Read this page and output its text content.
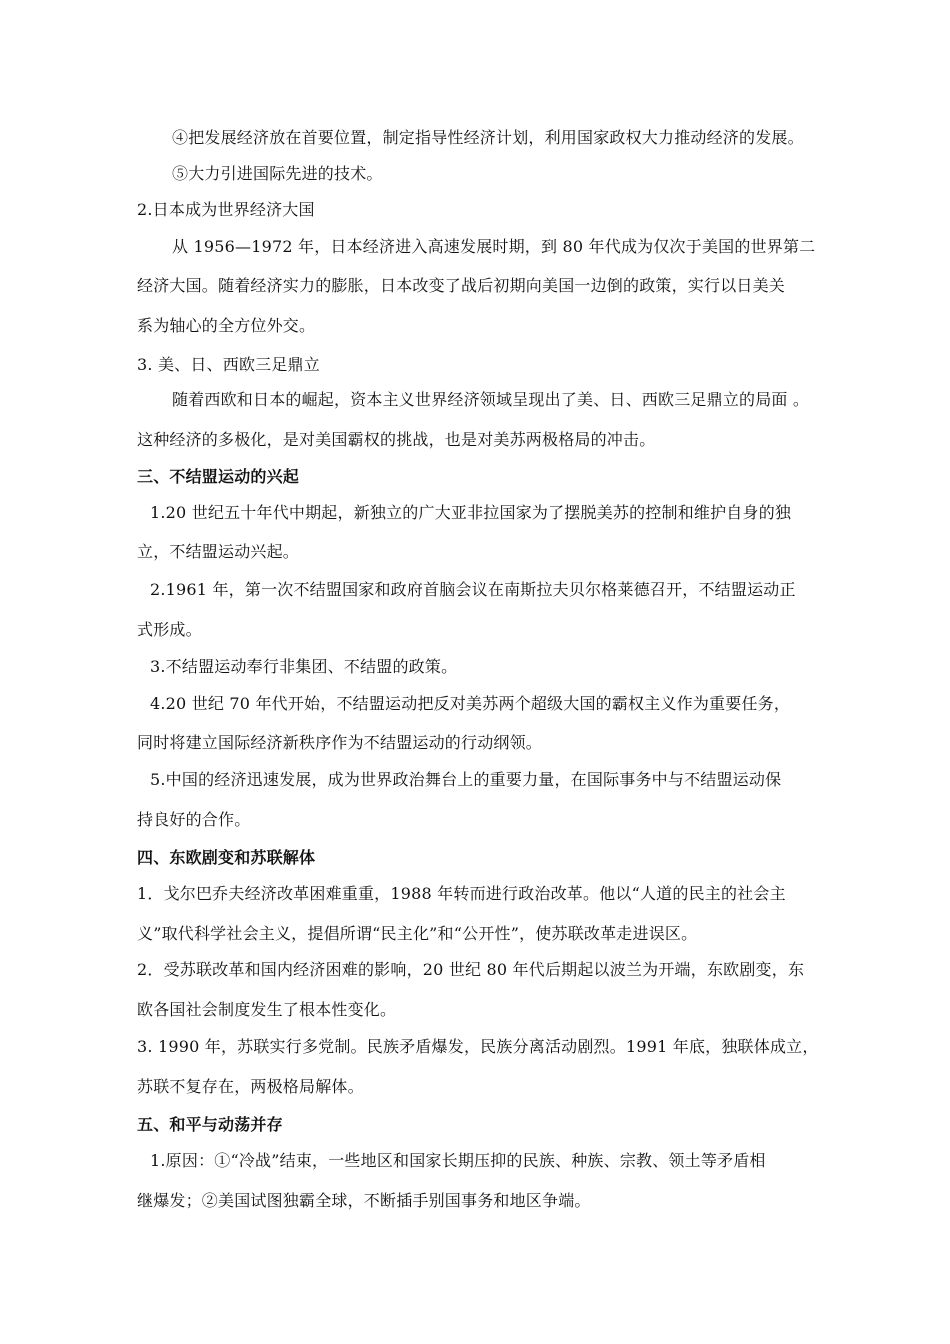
④把发展经济放在首要位置，制定指导性经济计划，利用国家政权大力推动经济的发展。
⑤大力引进国际先进的技术。
2.日本成为世界经济大国
从 1956—1972 年，日本经济进入高速发展时期，到 80 年代成为仅次于美国的世界第二
经济大国。随着经济实力的膨胀，日本改变了战后初期向美国一边倒的政策，实行以日美关
系为轴心的全方位外交。
3. 美、日、西欧三足鼎立
随着西欧和日本的崛起，资本主义世界经济领域呈现出了美、日、西欧三足鼎立的局面 。
这种经济的多极化，是对美国霸权的挑战，也是对美苏两极格局的冲击。
三、不结盟运动的兴起
1.20 世纪五十年代中期起，新独立的广大亚非拉国家为了摆脱美苏的控制和维护自身的独
立，不结盟运动兴起。
2.1961 年，第一次不结盟国家和政府首脑会议在南斯拉夫贝尔格莱德召开，不结盟运动正
式形成。
3.不结盟运动奉行非集团、不结盟的政策。
4.20 世纪 70 年代开始，不结盟运动把反对美苏两个超级大国的霸权主义作为重要任务，
同时将建立国际经济新秩序作为不结盟运动的行动纲领。
5.中国的经济迅速发展，成为世界政治舞台上的重要力量，在国际事务中与不结盟运动保
持良好的合作。
四、东欧剧变和苏联解体
1．戈尔巴乔夫经济改革困难重重，1988 年转而进行政治改革。他以“人道的民主的社会主
义”取代科学社会主义，提倡所谓“民主化”和“公开性”，使苏联改革走进误区。
2．受苏联改革和国内经济困难的影响，20 世纪 80 年代后期起以波兰为开端，东欧剧变，东
欧各国社会制度发生了根本性变化。
3. 1990 年，苏联实行多党制。民族矛盾爆发，民族分离活动剧烈。1991 年底，独联体成立，
苏联不复存在，两极格局解体。
五、和平与动荡并存
1.原因：①“冷战”结束，一些地区和国家长期压抑的民族、种族、宗教、领土等矛盾相
继爆发；②美国试图独霸全球，不断插手别国事务和地区争端。
